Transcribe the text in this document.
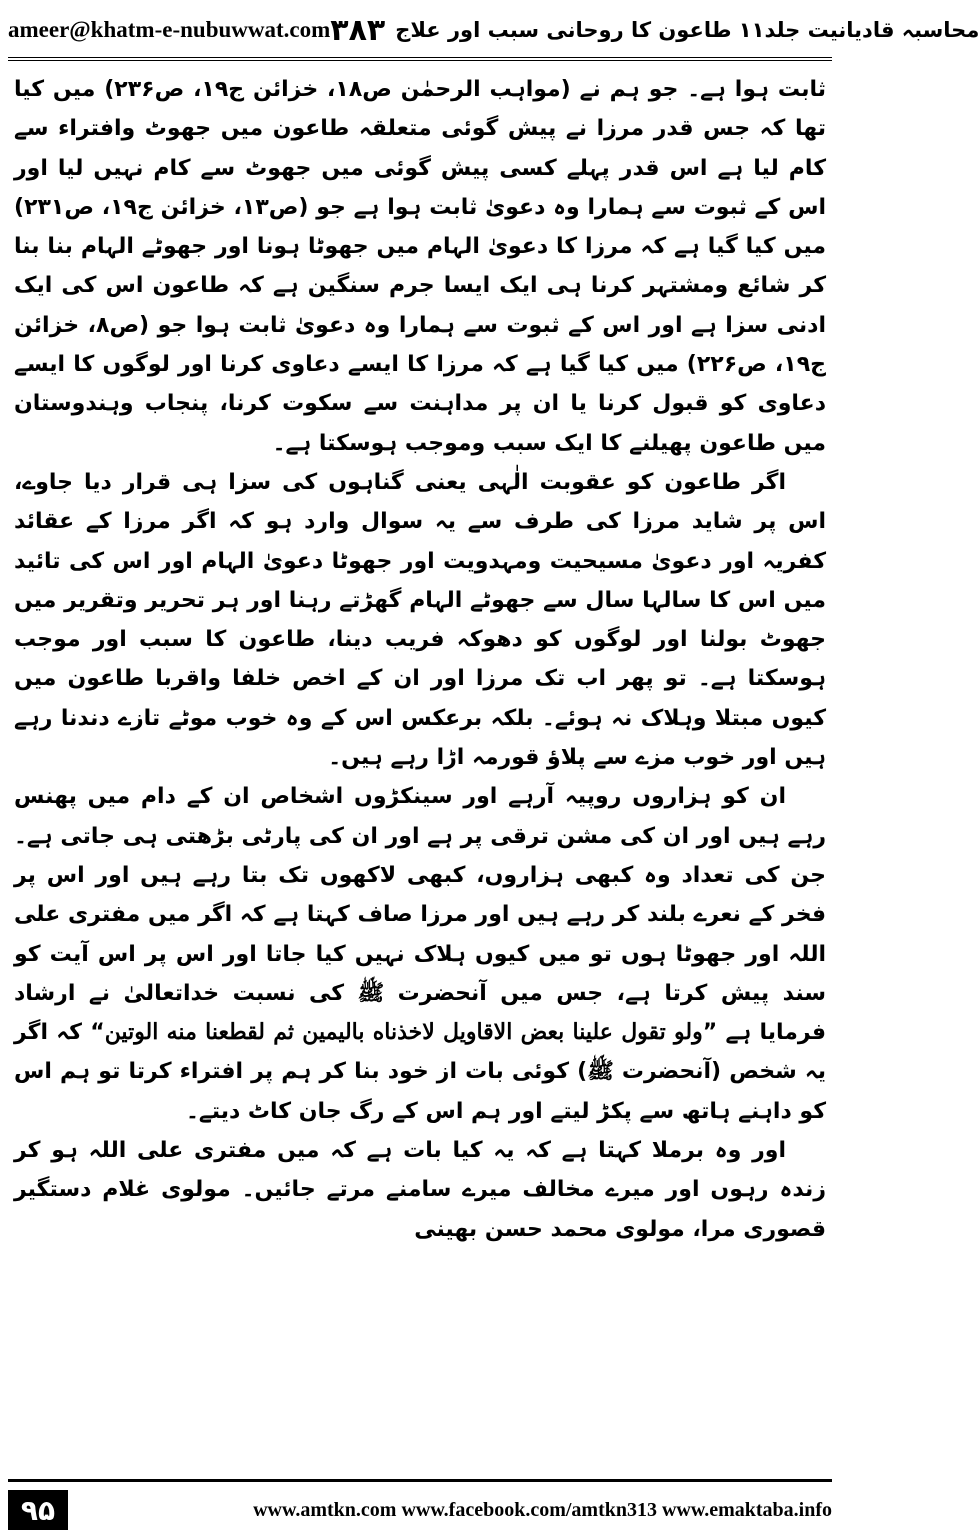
ameer@khatm-e-nubuwwat.com ۳۸۳ محاسبہ قادیانیت جلد۱۱ طاعون کا روحانی سبب اور علاج

ثابت ہوا ہے۔ جو ہم نے (مواہب الرحمٰن ص۱۸، خزائن ج۱۹، ص۲۳۶) میں کیا تھا کہ جس قدر مرزا نے پیش گوئی متعلقہ طاعون میں جھوٹ وافتراء سے کام لیا ہے اس قدر پہلے کسی پیش گوئی میں جھوٹ سے کام نہیں لیا اور اس کے ثبوت سے ہمارا وہ دعویٰ ثابت ہوا ہے جو (ص۱۳، خزائن ج۱۹، ص۲۳۱) میں کیا گیا ہے کہ مرزا کا دعویٰ الہام میں جھوٹا ہونا اور جھوٹے الہام بنا بنا کر شائع ومشتہر کرنا ہی ایک ایسا جرم سنگین ہے کہ طاعون اس کی ایک ادنی سزا ہے اور اس کے ثبوت سے ہمارا وہ دعویٰ ثابت ہوا جو (ص۸، خزائن ج۱۹، ص۲۲۶) میں کیا گیا ہے کہ مرزا کا ایسے دعاوی کرنا اور لوگوں کا ایسے دعاوی کو قبول کرنا یا ان پر مداہنت سے سکوت کرنا، پنجاب وہندوستان میں طاعون پھیلنے کا ایک سبب وموجب ہوسکتا ہے۔

اگر طاعون کو عقوبت الٰہی یعنی گناہوں کی سزا ہی قرار دیا جاوے، اس پر شاید مرزا کی طرف سے یہ سوال وارد ہو کہ اگر مرزا کے عقائد کفریہ اور دعویٰ مسیحیت ومہدویت اور جھوٹا دعویٰ الہام اور اس کی تائید میں اس کا سالہا سال سے جھوٹے الہام گھڑتے رہنا اور ہر تحریر وتقریر میں جھوٹ بولنا اور لوگوں کو دھوکہ فریب دینا، طاعون کا سبب اور موجب ہوسکتا ہے۔ تو پھر اب تک مرزا اور ان کے اخص خلفا واقربا طاعون میں کیوں مبتلا وہلاک نہ ہوئے۔ بلکہ برعکس اس کے وہ خوب موٹے تازے دندنا رہے ہیں اور خوب مزے سے پلاؤ قورمہ اڑا رہے ہیں۔

ان کو ہزاروں روپیہ آرہے اور سینکڑوں اشخاص ان کے دام میں پھنس رہے ہیں اور ان کی مشن ترقی پر ہے اور ان کی پارٹی بڑھتی ہی جاتی ہے۔ جن کی تعداد وہ کبھی ہزاروں، کبھی لاکھوں تک بتا رہے ہیں اور اس پر فخر کے نعرے بلند کر رہے ہیں اور مرزا صاف کہتا ہے کہ اگر میں مفتری علی اللہ اور جھوٹا ہوں تو میں کیوں ہلاک نہیں کیا جاتا اور اس پر اس آیت کو سند پیش کرتا ہے، جس میں آنحضرت ﷺ کی نسبت خداتعالیٰ نے ارشاد فرمایا ہے ”ولو تقول علینا بعض الاقاویل لاخذناه بالیمین ثم لقطعنا منه الوتین“ کہ اگر یہ شخص (آنحضرت ﷺ) کوئی بات از خود بنا کر ہم پر افتراء کرتا تو ہم اس کو داہنے ہاتھ سے پکڑ لیتے اور ہم اس کے رگ جان کاٹ دیتے۔

اور وہ برملا کہتا ہے کہ یہ کیا بات ہے کہ میں مفتری علی اللہ ہو کر زندہ رہوں اور میرے مخالف میرے سامنے مرتے جائیں۔ مولوی غلام دستگیر قصوری مرا، مولوی محمد حسن بھینی

۹۵	www.amtkn.com www.facebook.com/amtkn313 www.emaktaba.info
